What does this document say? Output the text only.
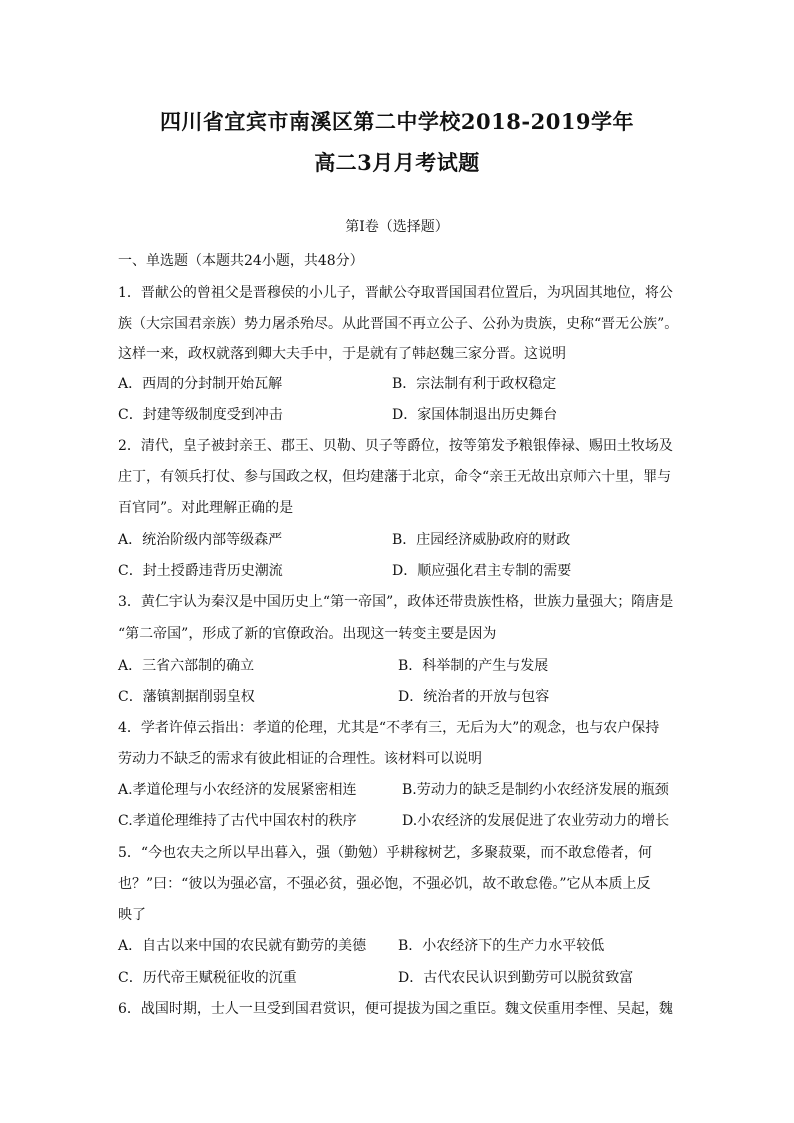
四川省宜宾市南溪区第二中学校2018-2019学年
高二3月月考试题
第Ⅰ卷（选择题）
一、单选题（本题共24小题，共48分）
1．晋献公的曾祖父是晋穆侯的小儿子，晋献公夺取晋国国君位置后，为巩固其地位，将公
族（大宗国君亲族）势力屠杀殆尽。从此晋国不再立公子、公孙为贵族，史称“晋无公族”。
这样一来，政权就落到卿大夫手中，于是就有了韩赵魏三家分晋。这说明
A．西周的分封制开始瓦解	B．宗法制有利于政权稳定
C．封建等级制度受到冲击	D．家国体制退出历史舞台
2．清代，皇子被封亲王、郡王、贝勒、贝子等爵位，按等第发予粮银俸禄、赐田土牧场及
庄丁，有领兵打仗、参与国政之权，但均建藩于北京，命令“亲王无故出京师六十里，罪与
百官同”。对此理解正确的是
A．统治阶级内部等级森严	B．庄园经济威胁政府的财政
C．封土授爵违背历史潮流	D．顺应强化君主专制的需要
3．黄仁宇认为秦汉是中国历史上“第一帝国”，政体还带贵族性格，世族力量强大；隋唐是
“第二帝国”，形成了新的官僚政治。出现这一转变主要是因为
A．三省六部制的确立	B．科举制的产生与发展
C．藩镇割据削弱皇权	D．统治者的开放与包容
4．学者许倬云指出：孝道的伦理，尤其是“不孝有三，无后为大”的观念，也与农户保持
劳动力不缺乏的需求有彼此相证的合理性。该材料可以说明
A.孝道伦理与小农经济的发展紧密相连	B.劳动力的缺乏是制约小农经济发展的瓶颈
C.孝道伦理维持了古代中国农村的秩序	D.小农经济的发展促进了农业劳动力的增长
5．“今也农夫之所以早出暮入，强（勤勉）乎耕稼树艺，多聚菽粟，而不敢怠倦者，何
也？”曰：“彼以为强必富，不强必贫，强必饱，不强必饥，故不敢怠倦。”它从本质上反
映了
A．自古以来中国的农民就有勤劳的美德 B．小农经济下的生产力水平较低
C．历代帝王赋税征收的沉重	D．古代农民认识到勤劳可以脱贫致富
6．战国时期，士人一旦受到国君赏识，便可提拔为国之重臣。魏文侯重用李悝、吴起，魏
